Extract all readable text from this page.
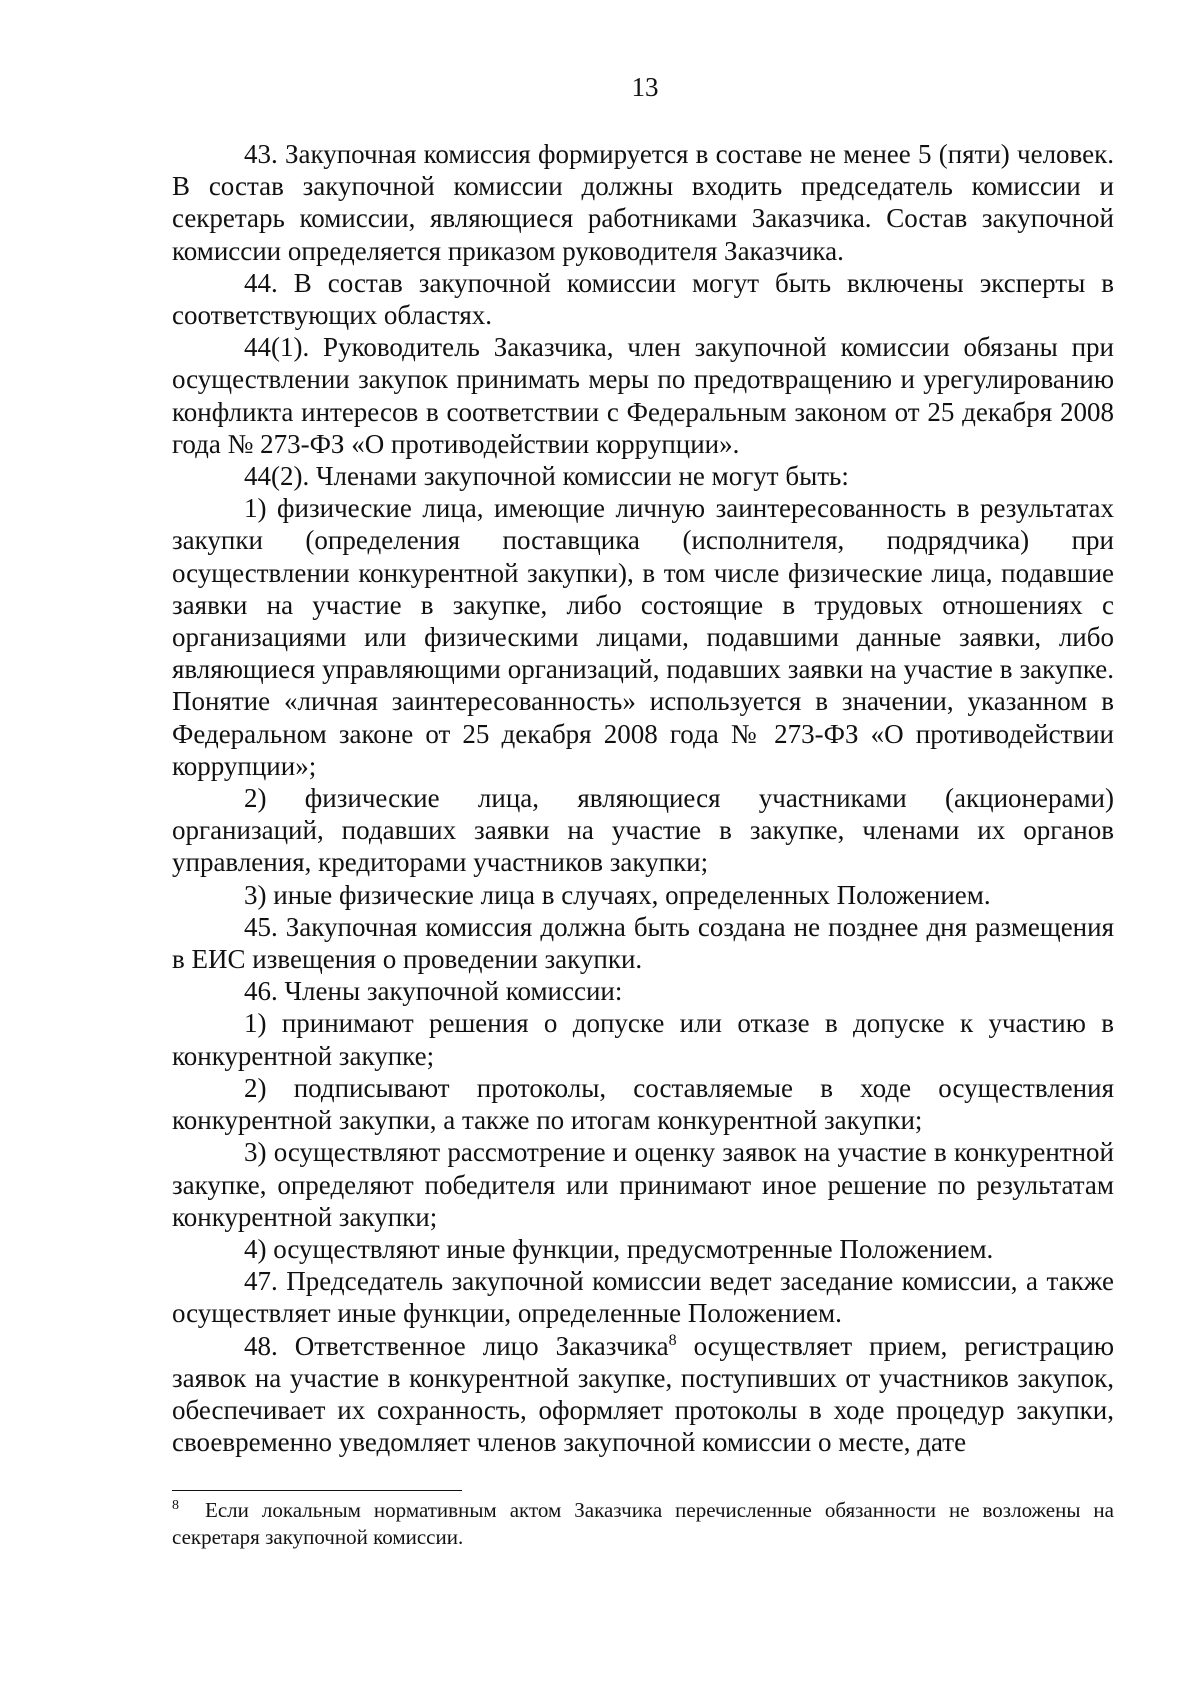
13

43. Закупочная комиссия формируется в составе не менее 5 (пяти) человек. В состав закупочной комиссии должны входить председатель комиссии и секретарь комиссии, являющиеся работниками Заказчика. Состав закупочной комиссии определяется приказом руководителя Заказчика.

44. В состав закупочной комиссии могут быть включены эксперты в соответствующих областях.

44(1). Руководитель Заказчика, член закупочной комиссии обязаны при осуществлении закупок принимать меры по предотвращению и урегулированию конфликта интересов в соответствии с Федеральным законом от 25 декабря 2008 года № 273-ФЗ «О противодействии коррупции».

44(2). Членами закупочной комиссии не могут быть:

1) физические лица, имеющие личную заинтересованность в результатах закупки (определения поставщика (исполнителя, подрядчика) при осуществлении конкурентной закупки), в том числе физические лица, подавшие заявки на участие в закупке, либо состоящие в трудовых отношениях с организациями или физическими лицами, подавшими данные заявки, либо являющиеся управляющими организаций, подавших заявки на участие в закупке. Понятие «личная заинтересованность» используется в значении, указанном в Федеральном законе от 25 декабря 2008 года № 273-ФЗ «О противодействии коррупции»;

2) физические лица, являющиеся участниками (акционерами) организаций, подавших заявки на участие в закупке, членами их органов управления, кредиторами участников закупки;

3) иные физические лица в случаях, определенных Положением.

45. Закупочная комиссия должна быть создана не позднее дня размещения в ЕИС извещения о проведении закупки.

46. Члены закупочной комиссии:

1) принимают решения о допуске или отказе в допуске к участию в конкурентной закупке;

2) подписывают протоколы, составляемые в ходе осуществления конкурентной закупки, а также по итогам конкурентной закупки;

3) осуществляют рассмотрение и оценку заявок на участие в конкурентной закупке, определяют победителя или принимают иное решение по результатам конкурентной закупки;

4) осуществляют иные функции, предусмотренные Положением.

47. Председатель закупочной комиссии ведет заседание комиссии, а также осуществляет иные функции, определенные Положением.

48. Ответственное лицо Заказчика$^8$ осуществляет прием, регистрацию заявок на участие в конкурентной закупке, поступивших от участников закупок, обеспечивает их сохранность, оформляет протоколы в ходе процедур закупки, своевременно уведомляет членов закупочной комиссии о месте, дате

$^8$ Если локальным нормативным актом Заказчика перечисленные обязанности не возложены на секретаря закупочной комиссии.
